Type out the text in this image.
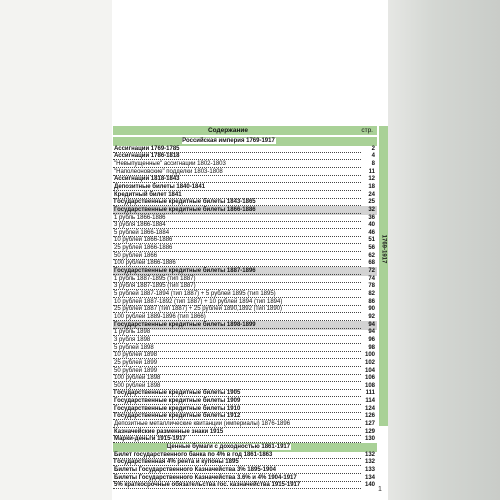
Содержание	стр.
Российская империя 1769-1917
Ассигнации 1769-1785	2
Ассигнации 1786-1818	4
"Невыпущенные" ассигнации 1802-1803	8
"Наполеоновские" подделки 1803-1808	11
Ассигнации 1818-1843	12
Депозитные билеты 1840-1841	18
Кредитный билет 1841	24
Государственные кредитные билеты 1843-1865	25
Государственные кредитные билеты 1866-1886	32
1 рубль 1866-1886	36
3 рубля 1866-1884	40
5 рублей 1866-1884	46
10 рублей 1866-1886	51
25 рублей 1866-1886	56
50 рублей 1866	62
100 рублей 1866-1886	68
Государственные кредитные билеты 1887-1896	72
1 рубль 1887-1895 (тип 1887)	74
3 рубля 1887-1895 (тип 1887)	78
5 рублей 1887-1894 (тип 1887) + 5 рублей 1895 (тип 1895)	82
10 рублей 1887-1892 (тип 1887) + 10 рублей 1894 (тип 1894)	86
25 рублей 1887 (тип 1887) + 25 рублей 1890,1892 (тип 1890)	90
100 рублей 1889-1896 (тип 1866)	92
Государственные кредитные билеты 1898-1899	94
1 рубль 1898	94
3 рубля 1898	96
5 рублей 1898	98
10 рублей 1898	100
25 рублей 1899	102
50 рублей 1899	104
100 рублей 1898	106
500 рублей 1898	108
Государственные кредитные билеты 1905	111
Государственные кредитные билеты 1909	114
Государственные кредитные билеты 1910	124
Государственные кредитные билеты 1912	126
Депозитные металлические квитанции (империалы) 1876-1896	127
Казначейские разменные знаки 1915	129
Марки-деньги 1915-1917	130
Ценные бумаги с доходностью 1861-1917
Билет государственного банка по 4% в год 1861-1863	132
Государственная 4% рента и купоны 1895	132
Билеты Государственного Казначейства 3% 1895-1904	133
Билеты Государственного Казначейства 3.6% и 4% 1904-1917	134
5% краткосрочные обязательства гос. казначейства 1915-1917	140
1769-1917
1
